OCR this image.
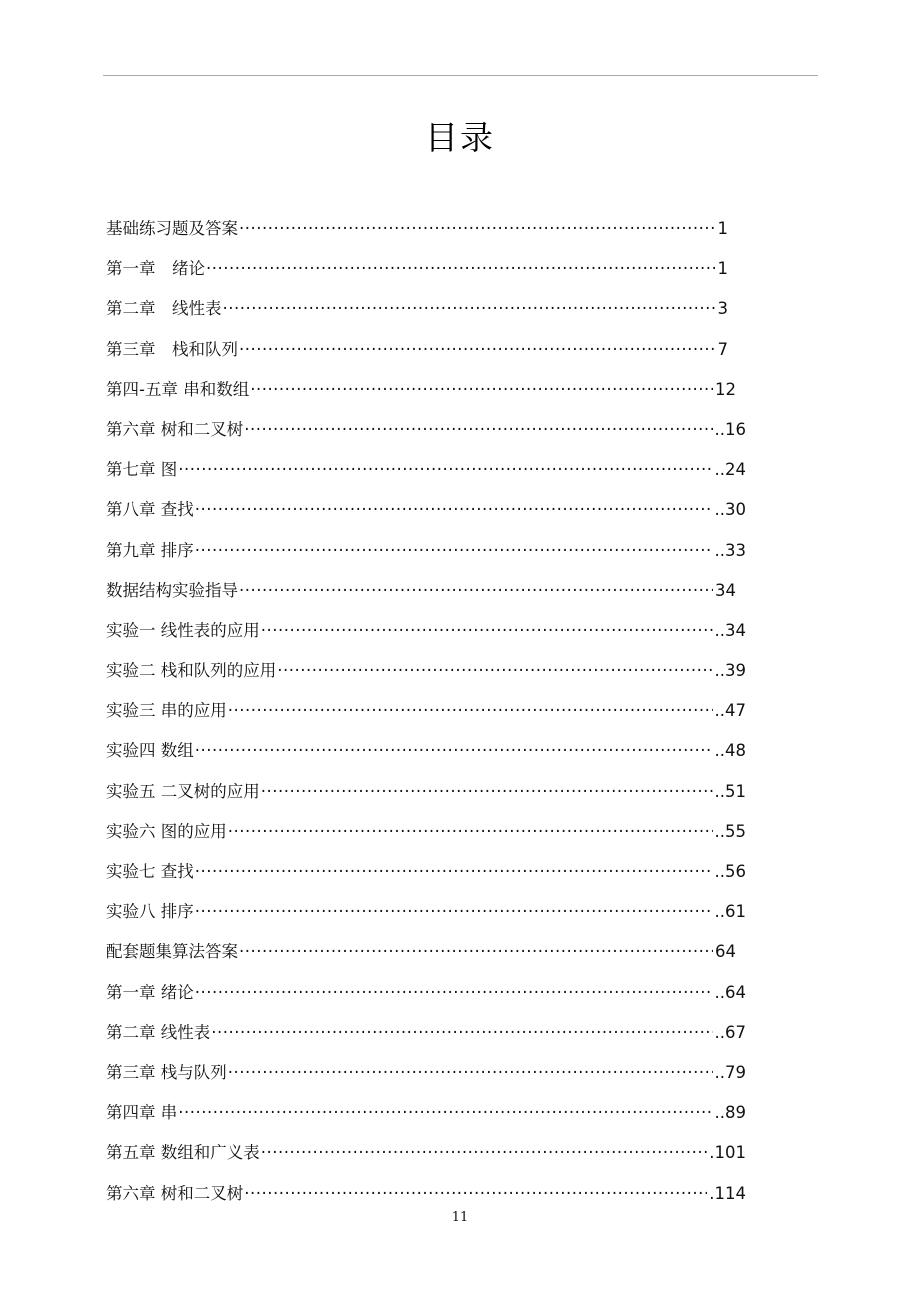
目录
基础练习题及答案 ·····	1
第一章　绪论 ·····	1
第二章　线性表 ·····	3
第三章　栈和队列 ·····	7
第四-五章 串和数组 ·····	12
第六章 树和二叉树 ·····	..16
第七章 图 ·····	..24
第八章 查找 ·····	..30
第九章 排序 ·····	..33
数据结构实验指导 ·····	34
实验一 线性表的应用 ·····	..34
实验二 栈和队列的应用 ·····	..39
实验三 串的应用 ·····	..47
实验四 数组 ·····	..48
实验五 二叉树的应用 ·····	..51
实验六 图的应用 ·····	..55
实验七 查找 ·····	..56
实验八 排序 ·····	..61
配套题集算法答案 ·····	64
第一章 绪论 ·····	..64
第二章 线性表 ·····	..67
第三章 栈与队列 ·····	..79
第四章 串 ·····	..89
第五章 数组和广义表 ·····	.101
第六章 树和二叉树 ·····	.114
11
